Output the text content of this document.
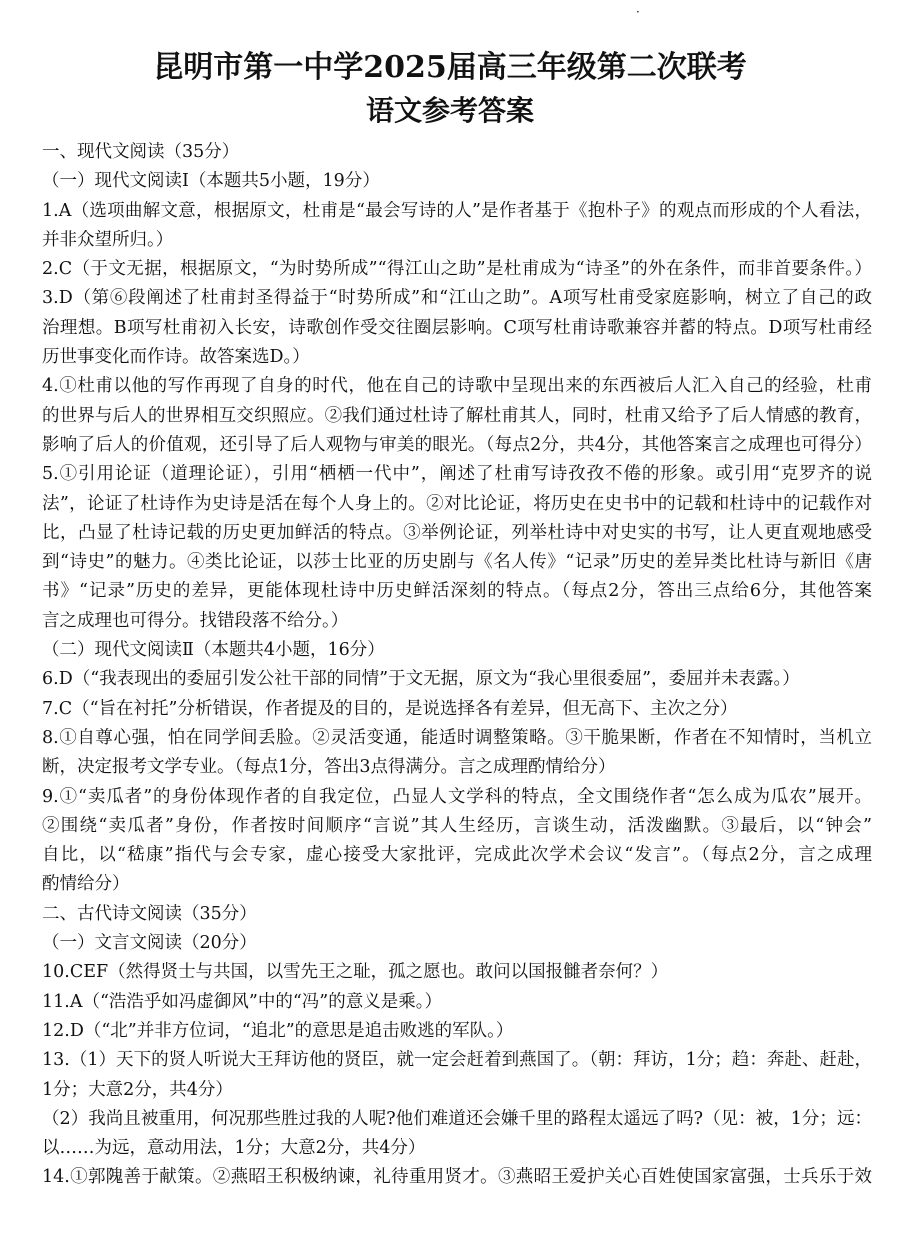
·
昆明市第一中学2025届高三年级第二次联考
语文参考答案
一、现代文阅读（35分）
（一）现代文阅读Ⅰ（本题共5小题，19分）
1.A（选项曲解文意，根据原文，杜甫是“最会写诗的人”是作者基于《抱朴子》的观点而形成的个人看法，
并非众望所归。）
2.C（于文无据，根据原文，“为时势所成”“得江山之助”是杜甫成为“诗圣”的外在条件，而非首要条件。）
3.D（第⑥段阐述了杜甫封圣得益于“时势所成”和“江山之助”。A项写杜甫受家庭影响，树立了自己的政
治理想。B项写杜甫初入长安，诗歌创作受交往圈层影响。C项写杜甫诗歌兼容并蓄的特点。D项写杜甫经
历世事变化而作诗。故答案选D。）
4.①杜甫以他的写作再现了自身的时代，他在自己的诗歌中呈现出来的东西被后人汇入自己的经验，杜甫
的世界与后人的世界相互交织照应。②我们通过杜诗了解杜甫其人，同时，杜甫又给予了后人情感的教育，
影响了后人的价值观，还引导了后人观物与审美的眼光。（每点2分，共4分，其他答案言之成理也可得分）
5.①引用论证（道理论证），引用“栖栖一代中”，阐述了杜甫写诗孜孜不倦的形象。或引用“克罗齐的说
法”，论证了杜诗作为史诗是活在每个人身上的。②对比论证，将历史在史书中的记载和杜诗中的记载作对
比，凸显了杜诗记载的历史更加鲜活的特点。③举例论证，列举杜诗中对史实的书写，让人更直观地感受
到“诗史”的魅力。④类比论证，以莎士比亚的历史剧与《名人传》“记录”历史的差异类比杜诗与新旧《唐
书》“记录”历史的差异，更能体现杜诗中历史鲜活深刻的特点。（每点2分，答出三点给6分，其他答案
言之成理也可得分。找错段落不给分。）
（二）现代文阅读Ⅱ（本题共4小题，16分）
6.D（“我表现出的委屈引发公社干部的同情”于文无据，原文为“我心里很委屈”，委屈并未表露。）
7.C（“旨在衬托”分析错误，作者提及的目的，是说选择各有差异，但无高下、主次之分）
8.①自尊心强，怕在同学间丢脸。②灵活变通，能适时调整策略。③干脆果断，作者在不知情时，当机立
断，决定报考文学专业。（每点1分，答出3点得满分。言之成理酌情给分）
9.①“卖瓜者”的身份体现作者的自我定位，凸显人文学科的特点，全文围绕作者“怎么成为瓜农”展开。
②围绕“卖瓜者”身份，作者按时间顺序“言说”其人生经历，言谈生动，活泼幽默。③最后，以“钟会”
自比，以“嵇康”指代与会专家，虚心接受大家批评，完成此次学术会议“发言”。（每点2分，言之成理
酌情给分）
二、古代诗文阅读（35分）
（一）文言文阅读（20分）
10.CEF（然得贤士与共国，以雪先王之耻，孤之愿也。敢问以国报雠者奈何？）
11.A（“浩浩乎如冯虚御风”中的“冯”的意义是乘。）
12.D（“北”并非方位词，“追北”的意思是追击败逃的军队。）
13.（1）天下的贤人听说大王拜访他的贤臣，就一定会赶着到燕国了。（朝：拜访，1分；趋：奔赴、赶赴，
1分；大意2分，共4分）
（2）我尚且被重用，何况那些胜过我的人呢?他们难道还会嫌千里的路程太遥远了吗?（见：被，1分；远：
以……为远，意动用法，1分；大意2分，共4分）
14.①郭隗善于献策。②燕昭王积极纳谏，礼待重用贤才。③燕昭王爱护关心百姓使国家富强，士兵乐于效
